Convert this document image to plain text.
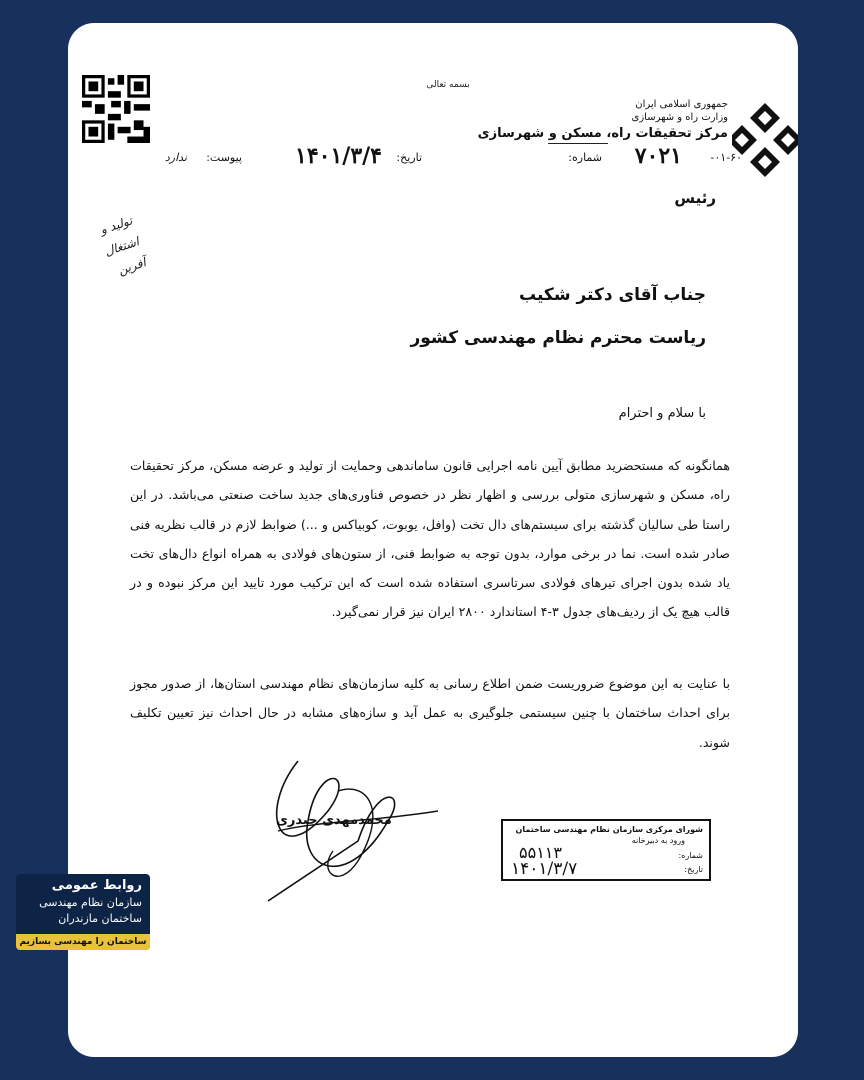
بسمه تعالی
جمهوری اسلامی ایران
وزارت راه و شهرسازی
مرکز تحقیقات راه، مسکن و شهرسازی
شماره: ۷۰۲۱	۰۱-۶۰-
تاریخ:
۱۴۰۱/۳/۴
پیوست:
ندارد
رئیس
تولید و اشتغال آفرین
جناب آقای دکتر شکیب
ریاست محترم نظام مهندسی کشور
با سلام و احترام
همانگونه که مستحضرید مطابق آیین نامه اجرایی قانون ساماندهی وحمایت از تولید و عرضه مسکن، مرکز تحقیقات راه، مسکن و شهرسازی متولی بررسی و اظهار نظر در خصوص فناوری‌های جدید ساخت صنعتی می‌باشد. در این راستا طی سالیان گذشته برای سیستم‌های دال تخت (وافل، یوبوت، کوبیاکس و ...) ضوابط لازم در قالب نظریه فنی صادر شده است. نما در برخی موارد، بدون توجه به ضوابط فنی، از ستون‌های فولادی به همراه انواع دال‌های تخت یاد شده بدون اجرای تیرهای فولادی سرتاسری استفاده شده است که این ترکیب مورد تایید این مرکز نبوده و در قالب هیچ یک از ردیف‌های جدول ۳-۴ استاندارد ۲۸۰۰ ایران نیز قرار نمی‌گیرد.
با عنایت به این موضوع ضروریست ضمن اطلاع رسانی به کلیه سازمان‌های نظام مهندسی استان‌ها، از صدور مجوز برای احداث ساختمان با چنین سیستمی جلوگیری به عمل آید و سازه‌های مشابه در حال احداث نیز تعیین تکلیف شوند.
محمدمهدی حیدری
شورای مرکزی سازمان نظام مهندسی ساختمان
ورود به دبیرخانه
شماره:
۵۵۱۱۳
تاریخ:
۱۴۰۱/۳/۷
روابط عمومی
سازمان نظام مهندسی
ساختمان مازندران
ساختمان را مهندسی بسازیم
